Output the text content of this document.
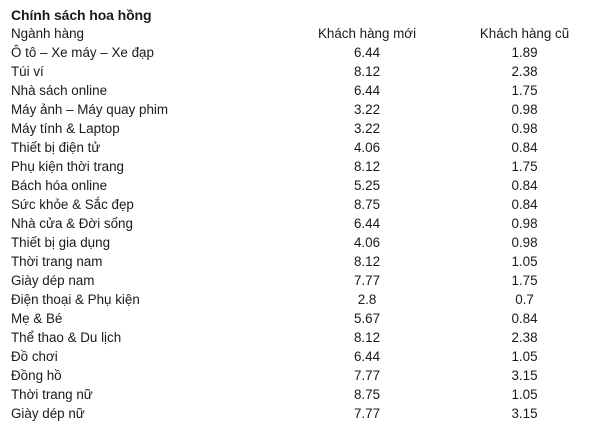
Chính sách hoa hồng
Ngành hàng	Khách hàng mới	Khách hàng cũ
Ô tô – Xe máy – Xe đạp	6.44	1.89
Túi ví	8.12	2.38
Nhà sách online	6.44	1.75
Máy ảnh – Máy quay phim	3.22	0.98
Máy tính & Laptop	3.22	0.98
Thiết bị điện tử	4.06	0.84
Phụ kiện thời trang	8.12	1.75
Bách hóa online	5.25	0.84
Sức khỏe & Sắc đẹp	8.75	0.84
Nhà cửa & Đời sống	6.44	0.98
Thiết bị gia dụng	4.06	0.98
Thời trang nam	8.12	1.05
Giày dép nam	7.77	1.75
Điện thoại & Phụ kiện	2.8	0.7
Mẹ & Bé	5.67	0.84
Thể thao & Du lịch	8.12	2.38
Đồ chơi	6.44	1.05
Đồng hồ	7.77	3.15
Thời trang nữ	8.75	1.05
Giày dép nữ	7.77	3.15
